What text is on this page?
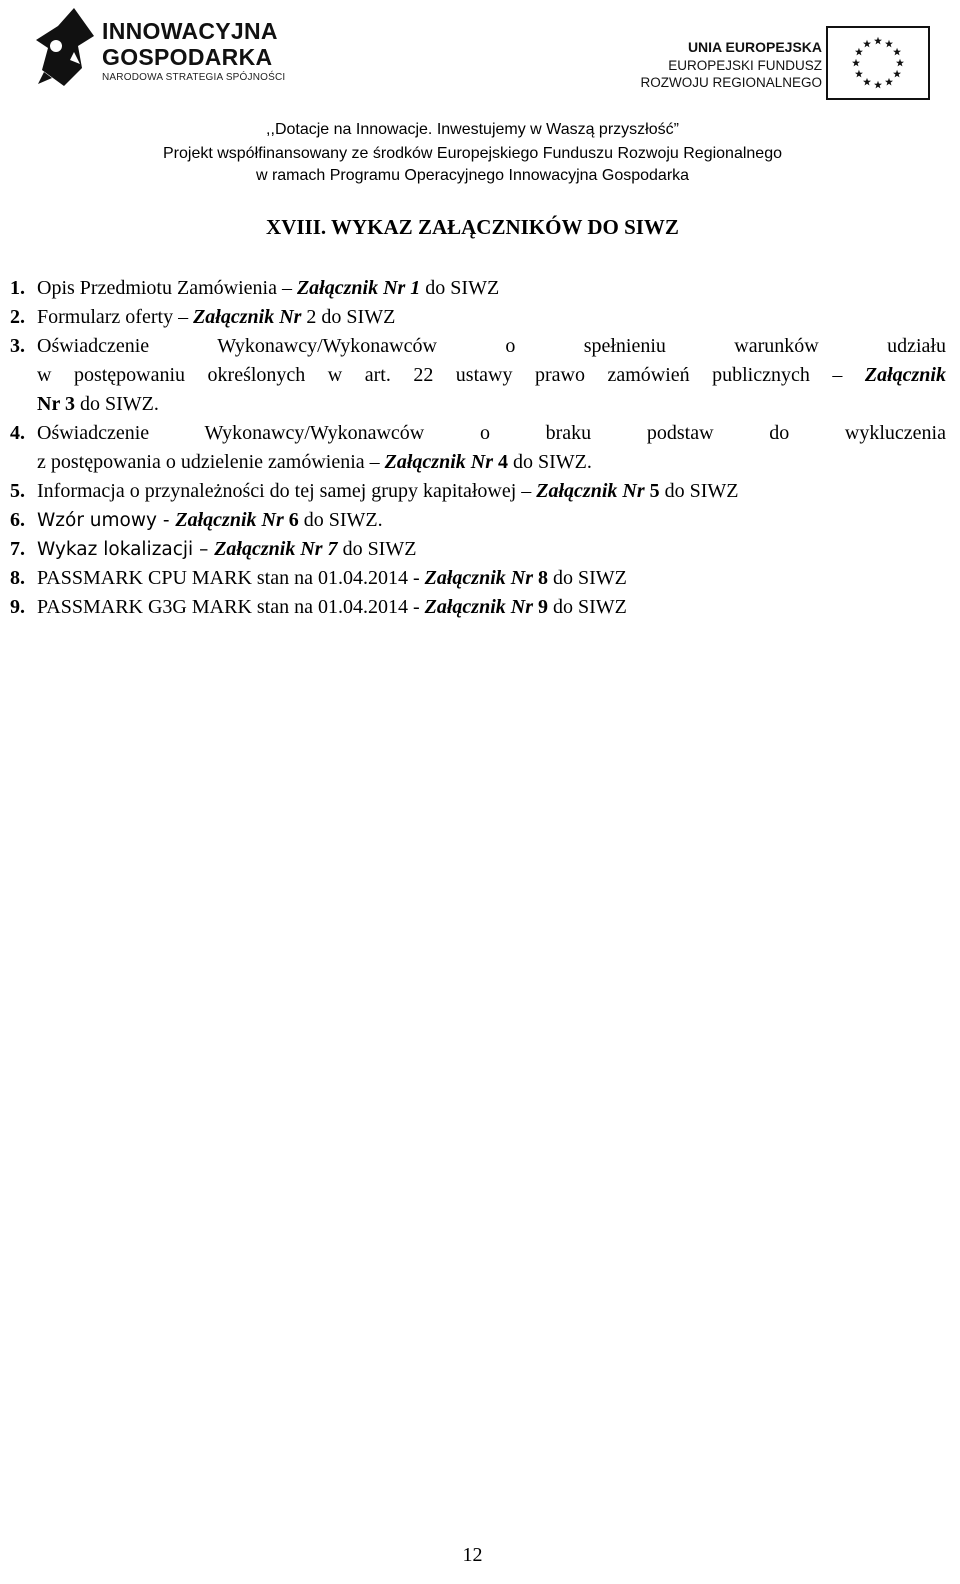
INNOWACYJNA
GOSPODARKA
NARODOWA STRATEGIA SPÓJNOŚCI
UNIA EUROPEJSKA
EUROPEJSKI FUNDUSZ
ROZWOJU REGIONALNEGO
,,Dotacje na Innowacje. Inwestujemy w Waszą przyszłość”
Projekt współfinansowany ze środków Europejskiego Funduszu Rozwoju Regionalnego
w ramach Programu Operacyjnego Innowacyjna Gospodarka
XVIII. WYKAZ ZAŁĄCZNIKÓW DO SIWZ
1. Opis Przedmiotu Zamówienia – Załącznik Nr 1 do SIWZ
2. Formularz oferty – Załącznik Nr 2 do SIWZ
3. Oświadczenie Wykonawcy/Wykonawców o spełnieniu warunków udziału
w postępowaniu określonych w art. 22 ustawy prawo zamówień publicznych – Załącznik
Nr 3 do SIWZ.
4. Oświadczenie Wykonawcy/Wykonawców o braku podstaw do wykluczenia
z postępowania o udzielenie zamówienia – Załącznik Nr 4 do SIWZ.
5. Informacja o przynależności do tej samej grupy kapitałowej – Załącznik Nr 5 do SIWZ
6. Wzór umowy - Załącznik Nr 6 do SIWZ.
7. Wykaz lokalizacji – Załącznik Nr 7 do SIWZ
8. PASSMARK CPU MARK stan na 01.04.2014 - Załącznik Nr 8 do SIWZ
9. PASSMARK G3G MARK stan na 01.04.2014 - Załącznik Nr 9 do SIWZ
12
